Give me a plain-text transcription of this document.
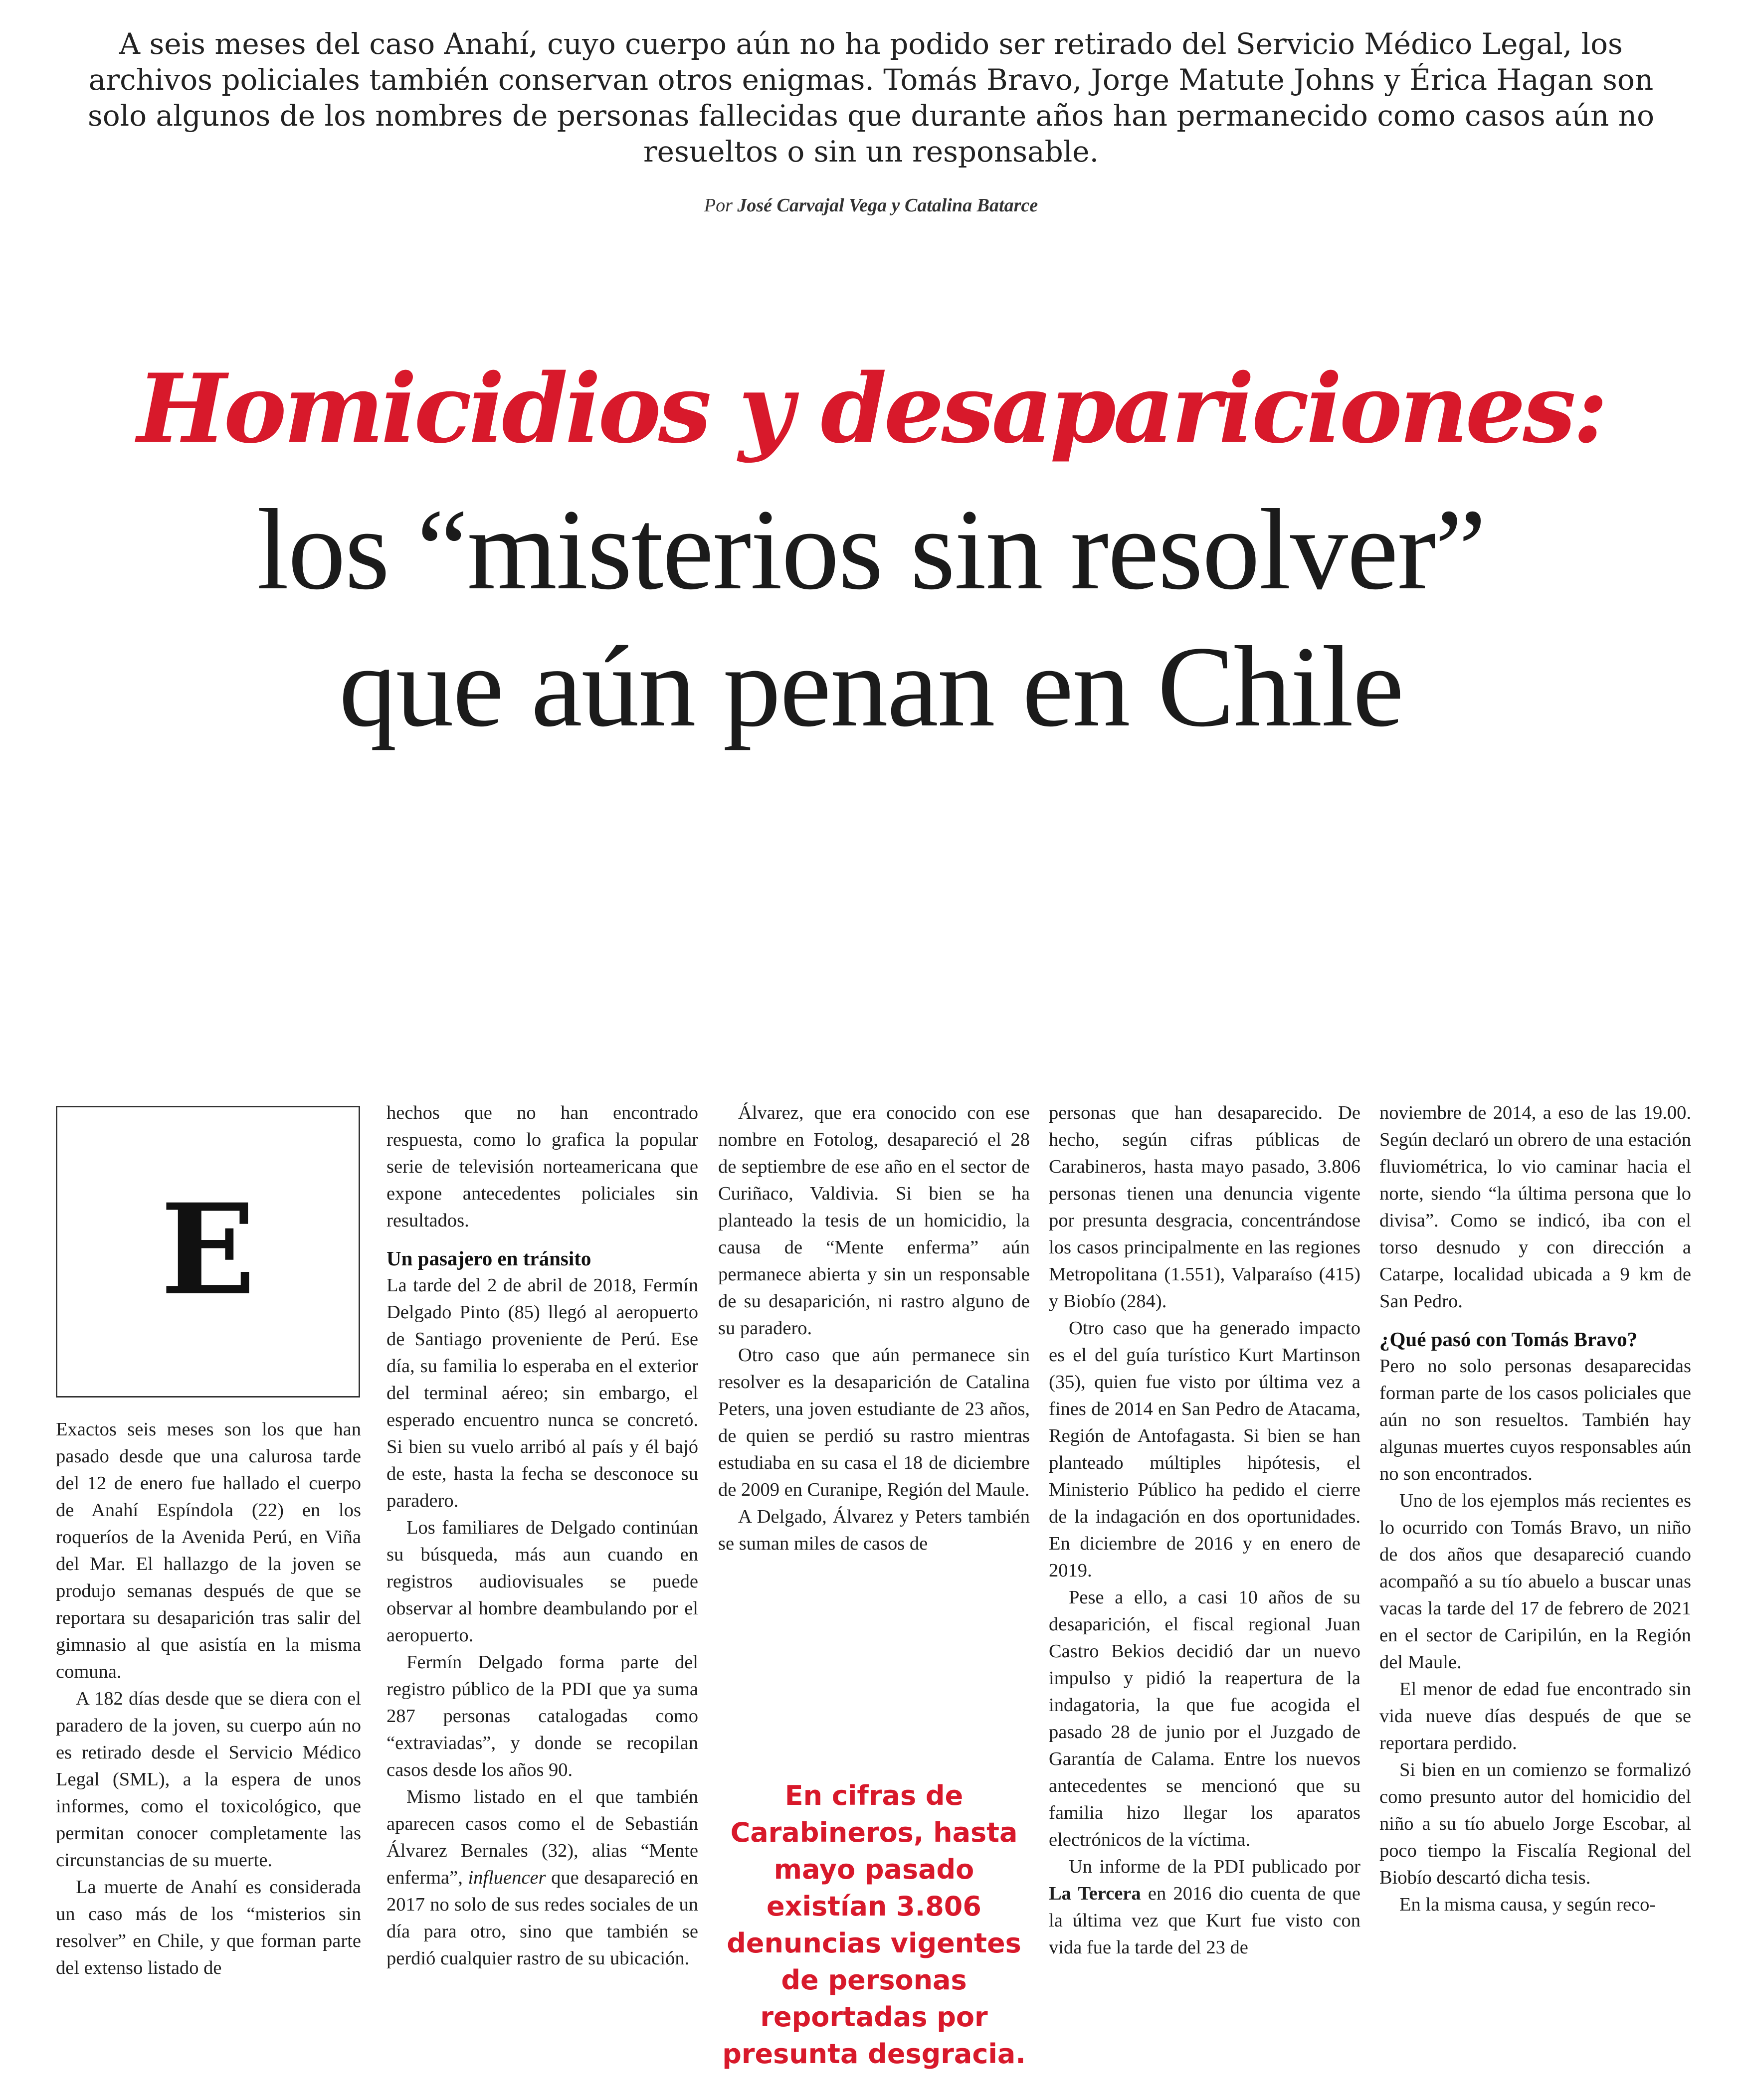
A seis meses del caso Anahí, cuyo cuerpo aún no ha podido ser retirado del Servicio Médico Legal, los archivos policiales también conservan otros enigmas. Tomás Bravo, Jorge Matute Johns y Érica Hagan son solo algunos de los nombres de personas fallecidas que durante años han permanecido como casos aún no resueltos o sin un responsable.

Por José Carvajal Vega y Catalina Batarce

Homicidios y desapariciones:
los “misterios sin resolver”
que aún penan en Chile
E

Exactos seis meses son los que han pasado desde que una calurosa tarde del 12 de enero fue hallado el cuerpo de Anahí Espíndola (22) en los roqueríos de la Avenida Perú, en Viña del Mar. El hallazgo de la joven se produjo semanas después de que se reportara su desaparición tras salir del gimnasio al que asistía en la misma comuna.

A 182 días desde que se diera con el paradero de la joven, su cuerpo aún no es retirado desde el Servicio Médico Legal (SML), a la espera de unos informes, como el toxicológico, que permitan conocer completamente las circunstancias de su muerte.

La muerte de Anahí es considerada un caso más de los “misterios sin resolver” en Chile, y que forman parte del extenso listado de

hechos que no han encontrado respuesta, como lo grafica la popular serie de televisión norteamericana que expone antecedentes policiales sin resultados.

Un pasajero en tránsito

La tarde del 2 de abril de 2018, Fermín Delgado Pinto (85) llegó al aeropuerto de Santiago proveniente de Perú. Ese día, su familia lo esperaba en el exterior del terminal aéreo; sin embargo, el esperado encuentro nunca se concretó. Si bien su vuelo arribó al país y él bajó de este, hasta la fecha se desconoce su paradero.

Los familiares de Delgado continúan su búsqueda, más aun cuando en registros audiovisuales se puede observar al hombre deambulando por el aeropuerto.

Fermín Delgado forma parte del registro público de la PDI que ya suma 287 personas catalogadas como “extraviadas”, y donde se recopilan casos desde los años 90.

Mismo listado en el que también aparecen casos como el de Sebastián Álvarez Bernales (32), alias “Mente enferma”, influencer que desapareció en 2017 no solo de sus redes sociales de un día para otro, sino que también se perdió cualquier rastro de su ubicación.

Álvarez, que era conocido con ese nombre en Fotolog, desapareció el 28 de septiembre de ese año en el sector de Curiñaco, Valdivia. Si bien se ha planteado la tesis de un homicidio, la causa de “Mente enferma” aún permanece abierta y sin un responsable de su desaparición, ni rastro alguno de su paradero.

Otro caso que aún permanece sin resolver es la desaparición de Catalina Peters, una joven estudiante de 23 años, de quien se perdió su rastro mientras estudiaba en su casa el 18 de diciembre de 2009 en Curanipe, Región del Maule.

A Delgado, Álvarez y Peters también se suman miles de casos de

En cifras de Carabineros, hasta mayo pasado existían 3.806 denuncias vigentes de personas reportadas por presunta desgracia.

personas que han desaparecido. De hecho, según cifras públicas de Carabineros, hasta mayo pasado, 3.806 personas tienen una denuncia vigente por presunta desgracia, concentrándose los casos principalmente en las regiones Metropolitana (1.551), Valparaíso (415) y Biobío (284).

Otro caso que ha generado impacto es el del guía turístico Kurt Martinson (35), quien fue visto por última vez a fines de 2014 en San Pedro de Atacama, Región de Antofagasta. Si bien se han planteado múltiples hipótesis, el Ministerio Público ha pedido el cierre de la indagación en dos oportunidades. En diciembre de 2016 y en enero de 2019.

Pese a ello, a casi 10 años de su desaparición, el fiscal regional Juan Castro Bekios decidió dar un nuevo impulso y pidió la reapertura de la indagatoria, la que fue acogida el pasado 28 de junio por el Juzgado de Garantía de Calama. Entre los nuevos antecedentes se mencionó que su familia hizo llegar los aparatos electrónicos de la víctima.

Un informe de la PDI publicado por La Tercera en 2016 dio cuenta de que la última vez que Kurt fue visto con vida fue la tarde del 23 de

noviembre de 2014, a eso de las 19.00. Según declaró un obrero de una estación fluviométrica, lo vio caminar hacia el norte, siendo “la última persona que lo divisa”. Como se indicó, iba con el torso desnudo y con dirección a Catarpe, localidad ubicada a 9 km de San Pedro.

¿Qué pasó con Tomás Bravo?

Pero no solo personas desaparecidas forman parte de los casos policiales que aún no son resueltos. También hay algunas muertes cuyos responsables aún no son encontrados.

Uno de los ejemplos más recientes es lo ocurrido con Tomás Bravo, un niño de dos años que desapareció cuando acompañó a su tío abuelo a buscar unas vacas la tarde del 17 de febrero de 2021 en el sector de Caripilún, en la Región del Maule.

El menor de edad fue encontrado sin vida nueve días después de que se reportara perdido.

Si bien en un comienzo se formalizó como presunto autor del homicidio del niño a su tío abuelo Jorge Escobar, al poco tiempo la Fiscalía Regional del Biobío descartó dicha tesis.

En la misma causa, y según reco-
